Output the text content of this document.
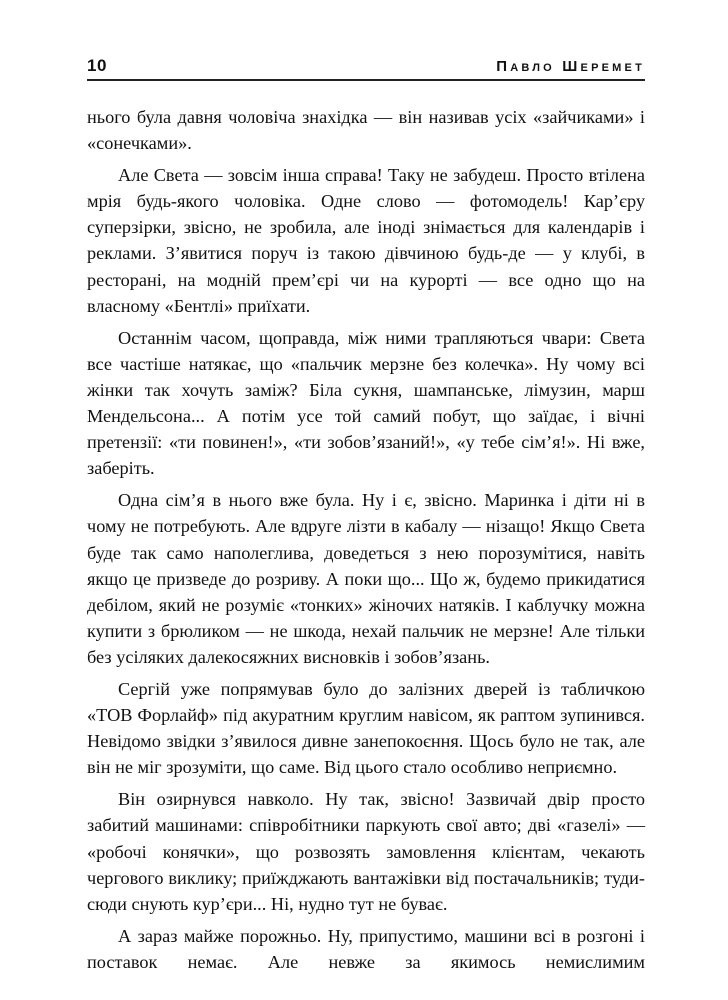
10	Павло Шеремет

нього була давня чоловіча знахідка — він називав усіх «зайчиками» і «сонечками».

Але Света — зовсім інша справа! Таку не забудеш. Просто втілена мрія будь-якого чоловіка. Одне слово — фотомодель! Кар’єру суперзірки, звісно, не зробила, але іноді знімається для календарів і реклами. З’явитися поруч із такою дівчиною будь-де — у клубі, в ресторані, на модній прем’єрі чи на курорті — все одно що на власному «Бентлі» приїхати.

Останнім часом, щоправда, між ними трапляються чвари: Света все частіше натякає, що «пальчик мерзне без колечка». Ну чому всі жінки так хочуть заміж? Біла сукня, шампанське, лімузин, марш Мендельсона... А потім усе той самий побут, що заїдає, і вічні претензії: «ти повинен!», «ти зобов’язаний!», «у тебе сім’я!». Ні вже, заберіть.

Одна сім’я в нього вже була. Ну і є, звісно. Маринка і діти ні в чому не потребують. Але вдруге лізти в кабалу — нізащо! Якщо Света буде так само наполеглива, доведеться з нею порозумітися, навіть якщо це призведе до розриву. А поки що... Що ж, будемо прикидатися дебілом, який не розуміє «тонких» жіночих натяків. І каблучку можна купити з брюликом — не шкода, нехай пальчик не мерзне! Але тільки без усіляких далекосяжних висновків і зобов’язань.

Сергій уже попрямував було до залізних дверей із табличкою «ТОВ Форлайф» під акуратним круглим навісом, як раптом зупинився. Невідомо звідки з’явилося дивне занепокоєння. Щось було не так, але він не міг зрозуміти, що саме. Від цього стало особливо неприємно.

Він озирнувся навколо. Ну так, звісно! Зазвичай двір просто забитий машинами: співробітники паркують свої авто; дві «газелі» — «робочі конячки», що розвозять замовлення клієнтам, чекають чергового виклику; приїжджають вантажівки від постачальників; туди-сюди снують кур’єри... Ні, нудно тут не буває.

А зараз майже порожньо. Ну, припустимо, машини всі в розгоні і поставок немає. Але невже за якимось немислимим
